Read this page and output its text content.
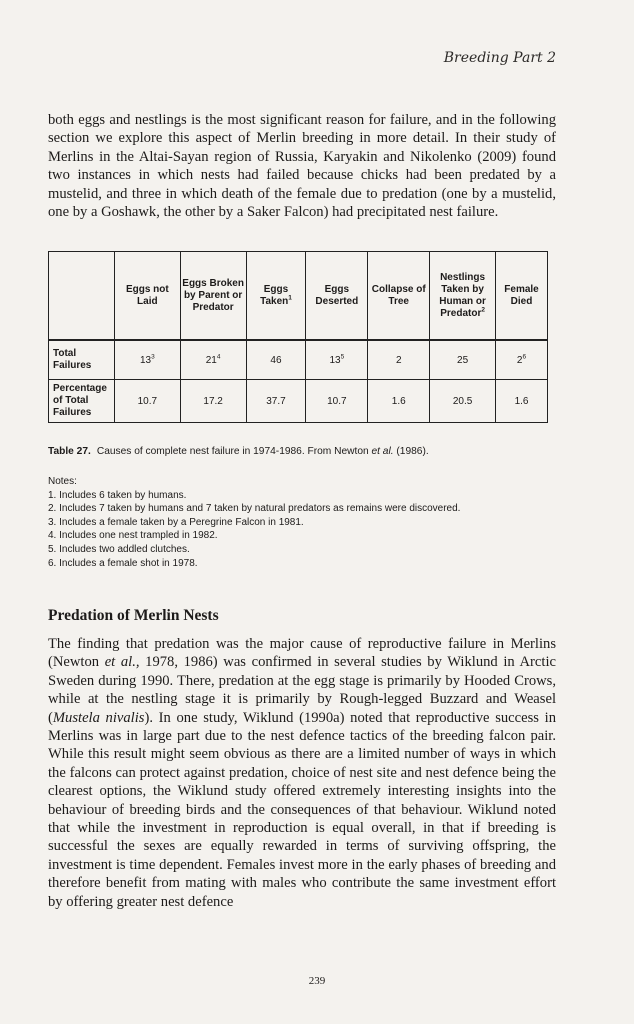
Breeding Part 2

both eggs and nestlings is the most significant reason for failure, and in the following section we explore this aspect of Merlin breeding in more detail. In their study of Merlins in the Altai-Sayan region of Russia, Karyakin and Nikolenko (2009) found two instances in which nests had failed because chicks had been predated by a mustelid, and three in which death of the female due to predation (one by a mustelid, one by a Goshawk, the other by a Saker Falcon) had precipitated nest failure.

	Eggs not Laid	Eggs Broken by Parent or Predator	Eggs Taken$^1$	Eggs Deserted	Collapse of Tree	Nestlings Taken by Human or Predator$^2$	Female Died
Total Failures	$13^3$	$21^4$	46	$13^5$	2	25	$2^6$
Percentage of Total Failures	10.7	17.2	37.7	10.7	1.6	20.5	1.6

Table 27. Causes of complete nest failure in 1974-1986. From Newton et al. (1986).

Notes:
1. Includes 6 taken by humans.
2. Includes 7 taken by humans and 7 taken by natural predators as remains were discovered.
3. Includes a female taken by a Peregrine Falcon in 1981.
4. Includes one nest trampled in 1982.
5. Includes two addled clutches.
6. Includes a female shot in 1978.
Predation of Merlin Nests

The finding that predation was the major cause of reproductive failure in Merlins (Newton et al., 1978, 1986) was confirmed in several studies by Wiklund in Arctic Sweden during 1990. There, predation at the egg stage is primarily by Hooded Crows, while at the nestling stage it is primarily by Rough-legged Buzzard and Weasel (Mustela nivalis). In one study, Wiklund (1990a) noted that reproductive success in Merlins was in large part due to the nest defence tactics of the breeding falcon pair. While this result might seem obvious as there are a limited number of ways in which the falcons can protect against predation, choice of nest site and nest defence being the clearest options, the Wiklund study offered extremely interesting insights into the behaviour of breeding birds and the consequences of that behaviour. Wiklund noted that while the investment in reproduction is equal overall, in that if breeding is successful the sexes are equally rewarded in terms of surviving offspring, the investment is time dependent. Females invest more in the early phases of breeding and therefore benefit from mating with males who contribute the same investment effort by offering greater nest defence

239
